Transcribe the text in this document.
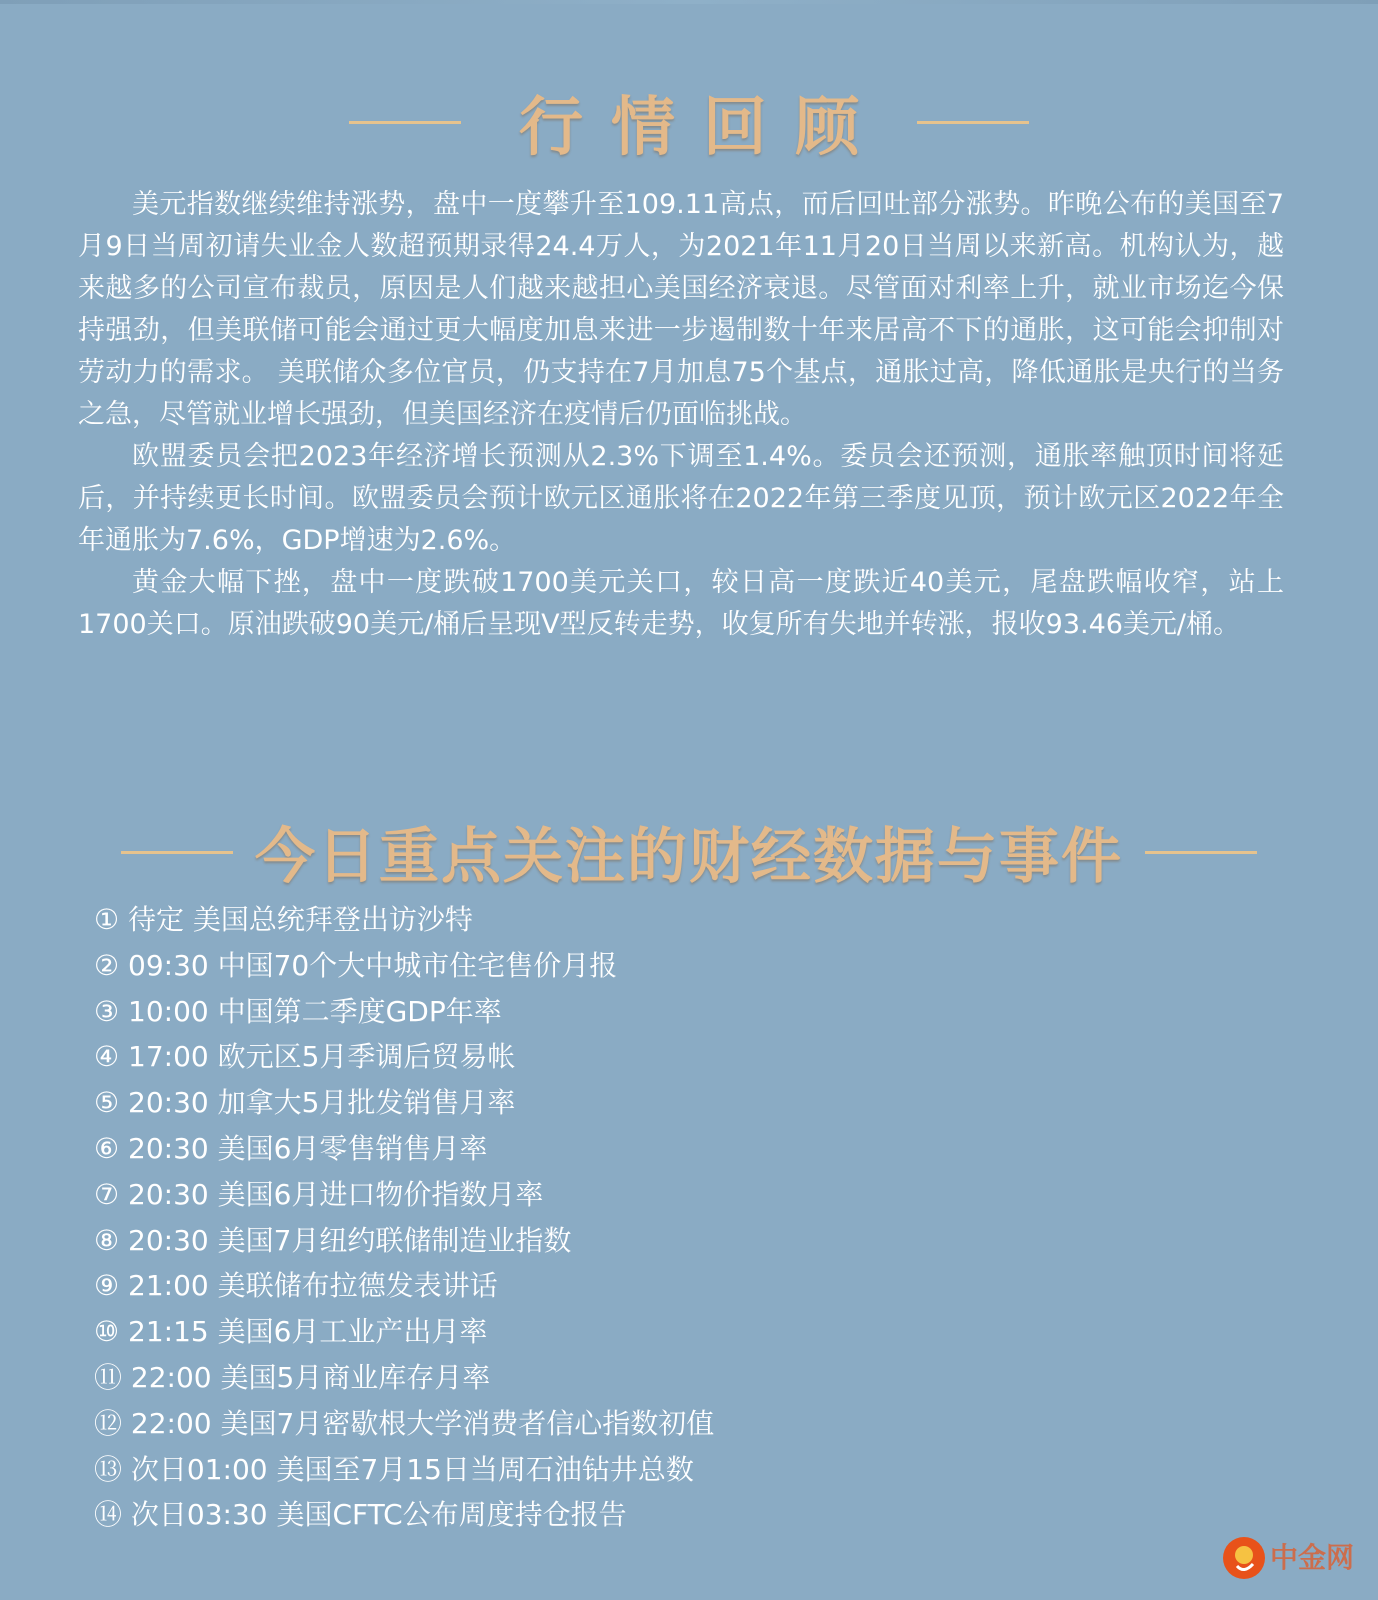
行情回顾

美元指数继续维持涨势，盘中一度攀升至109.11高点，而后回吐部分涨势。昨晚公布的美国至7月9日当周初请失业金人数超预期录得24.4万人，为2021年11月20日当周以来新高。机构认为，越来越多的公司宣布裁员，原因是人们越来越担心美国经济衰退。尽管面对利率上升，就业市场迄今保持强劲，但美联储可能会通过更大幅度加息来进一步遏制数十年来居高不下的通胀，这可能会抑制对劳动力的需求。 美联储众多位官员，仍支持在7月加息75个基点，通胀过高，降低通胀是央行的当务之急，尽管就业增长强劲，但美国经济在疫情后仍面临挑战。

欧盟委员会把2023年经济增长预测从2.3%下调至1.4%。委员会还预测，通胀率触顶时间将延后，并持续更长时间。欧盟委员会预计欧元区通胀将在2022年第三季度见顶，预计欧元区2022年全年通胀为7.6%，GDP增速为2.6%。

黄金大幅下挫，盘中一度跌破1700美元关口，较日高一度跌近40美元，尾盘跌幅收窄，站上1700关口。原油跌破90美元/桶后呈现V型反转走势，收复所有失地并转涨，报收93.46美元/桶。

今日重点关注的财经数据与事件
① 待定 美国总统拜登出访沙特
② 09:30 中国70个大中城市住宅售价月报
③ 10:00 中国第二季度GDP年率
④ 17:00 欧元区5月季调后贸易帐
⑤ 20:30 加拿大5月批发销售月率
⑥ 20:30 美国6月零售销售月率
⑦ 20:30 美国6月进口物价指数月率
⑧ 20:30 美国7月纽约联储制造业指数
⑨ 21:00 美联储布拉德发表讲话
⑩ 21:15 美国6月工业产出月率
⑪ 22:00 美国5月商业库存月率
⑫ 22:00 美国7月密歇根大学消费者信心指数初值
⑬ 次日01:00 美国至7月15日当周石油钻井总数
⑭ 次日03:30 美国CFTC公布周度持仓报告
中金网
